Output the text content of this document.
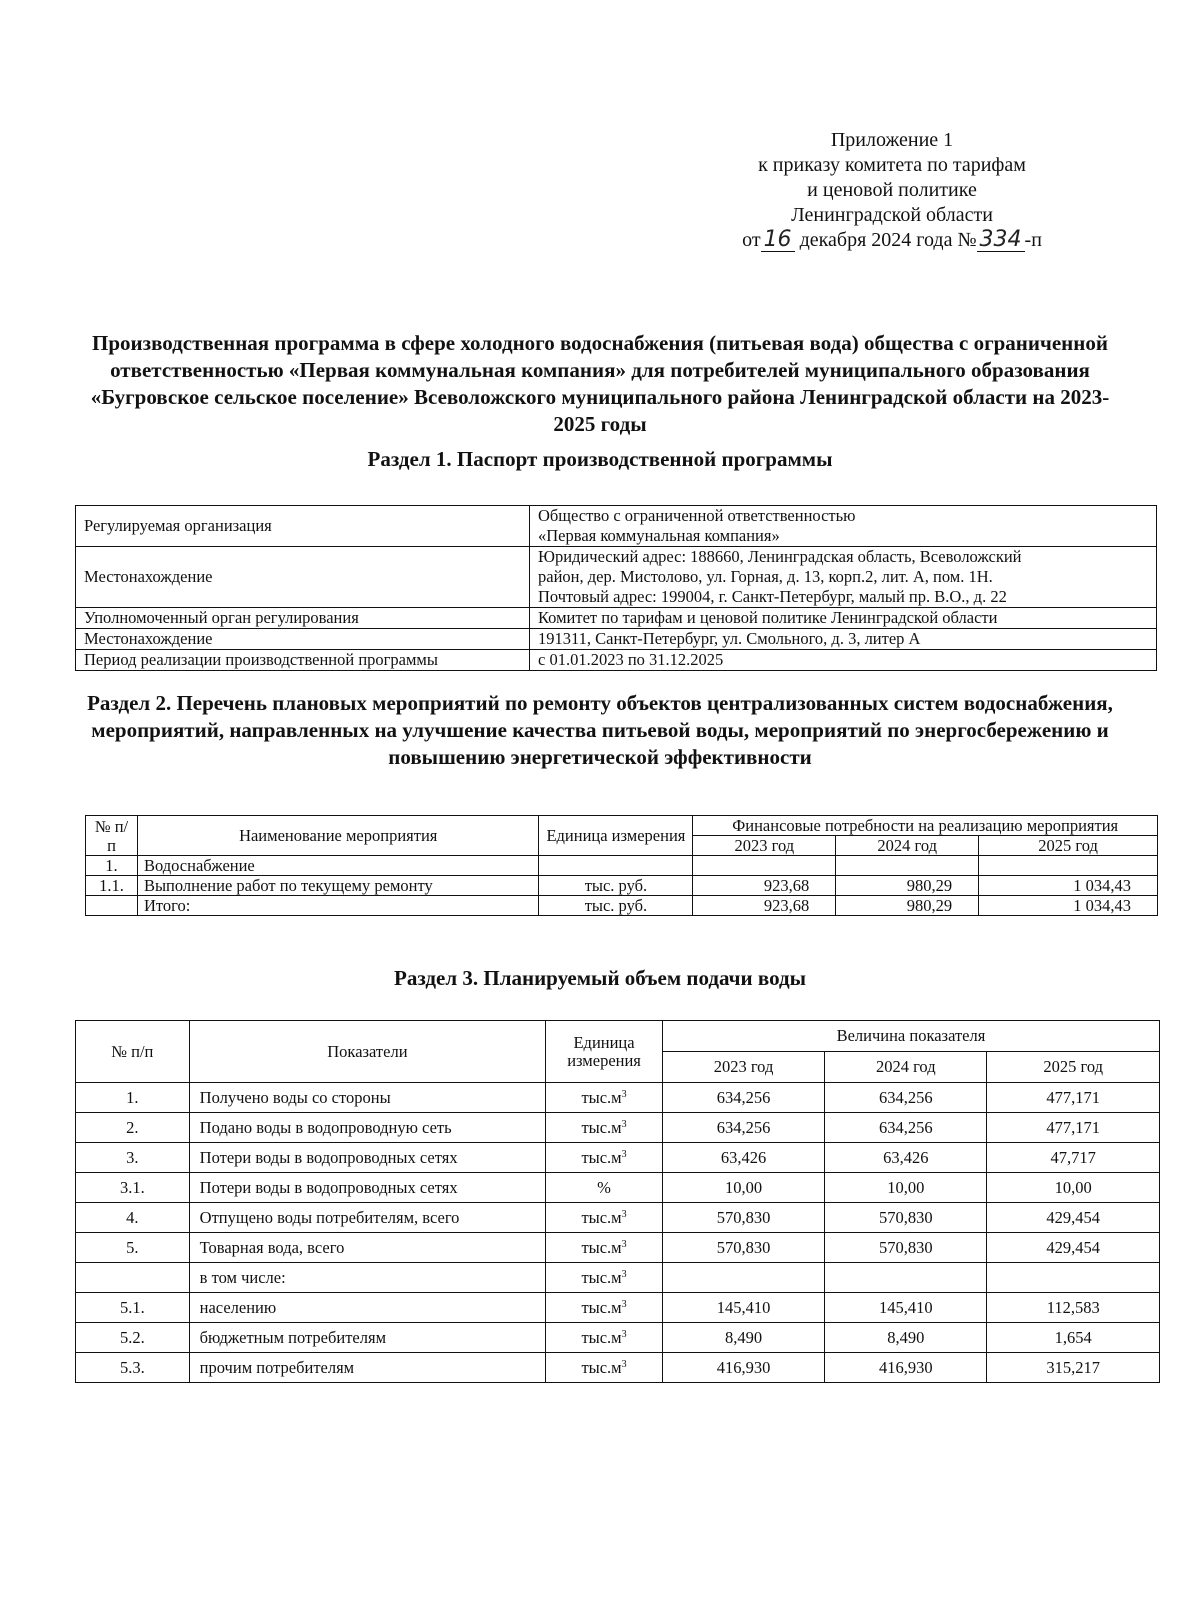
Приложение 1
к приказу комитета по тарифам
и ценовой политике
Ленинградской области
от 16 декабря 2024 года № 334 -п
Производственная программа в сфере холодного водоснабжения (питьевая вода) общества с ограниченной ответственностью «Первая коммунальная компания» для потребителей муниципального образования «Бугровское сельское поселение» Всеволожского муниципального района Ленинградской области на 2023-2025 годы
Раздел 1. Паспорт производственной программы
Регулируемая организация	Общество с ограниченной ответственностью
«Первая коммунальная компания»

Местонахождение	Юридический адрес: 188660, Ленинградская область, Всеволожский
район, дер. Мистолово, ул. Горная, д. 13, корп.2, лит. А, пом. 1Н.
Почтовый адрес: 199004, г. Санкт-Петербург, малый пр. В.О., д. 22

Уполномоченный орган регулирования	Комитет по тарифам и ценовой политике Ленинградской области

Местонахождение	191311, Санкт-Петербург, ул. Смольного, д. 3, литер А

Период реализации производственной программы	с 01.01.2023 по 31.12.2025
Раздел 2. Перечень плановых мероприятий по ремонту объектов централизованных систем водоснабжения, мероприятий, направленных на улучшение качества питьевой воды, мероприятий по энергосбережению и повышению энергетической эффективности
№ п/п	Наименование мероприятия	Единица измерения	Финансовые потребности на реализацию мероприятия		
			2023 год	2024 год	2025 год
1.	Водоснабжение				
1.1.	Выполнение работ по текущему ремонту	тыс. руб.	923,68	980,29	1 034,43
	Итого:	тыс. руб.	923,68	980,29	1 034,43
Раздел 3. Планируемый объем подачи воды
№ п/п	Показатели	Единица измерения	Величина показателя		
			2023 год	2024 год	2025 год
1.	Получено воды со стороны	$тыс.м^3$	634,256	634,256	477,171
2.	Подано воды в водопроводную сеть	$тыс.м^3$	634,256	634,256	477,171
3.	Потери воды в водопроводных сетях	$тыс.м^3$	63,426	63,426	47,717
3.1.	Потери воды в водопроводных сетях	%	10,00	10,00	10,00
4.	Отпущено воды потребителям, всего	$тыс.м^3$	570,830	570,830	429,454
5.	Товарная вода, всего	$тыс.м^3$	570,830	570,830	429,454
	в том числе:	$тыс.м^3$			
5.1.	населению	$тыс.м^3$	145,410	145,410	112,583
5.2.	бюджетным потребителям	$тыс.м^3$	8,490	8,490	1,654
5.3.	прочим потребителям	$тыс.м^3$	416,930	416,930	315,217
